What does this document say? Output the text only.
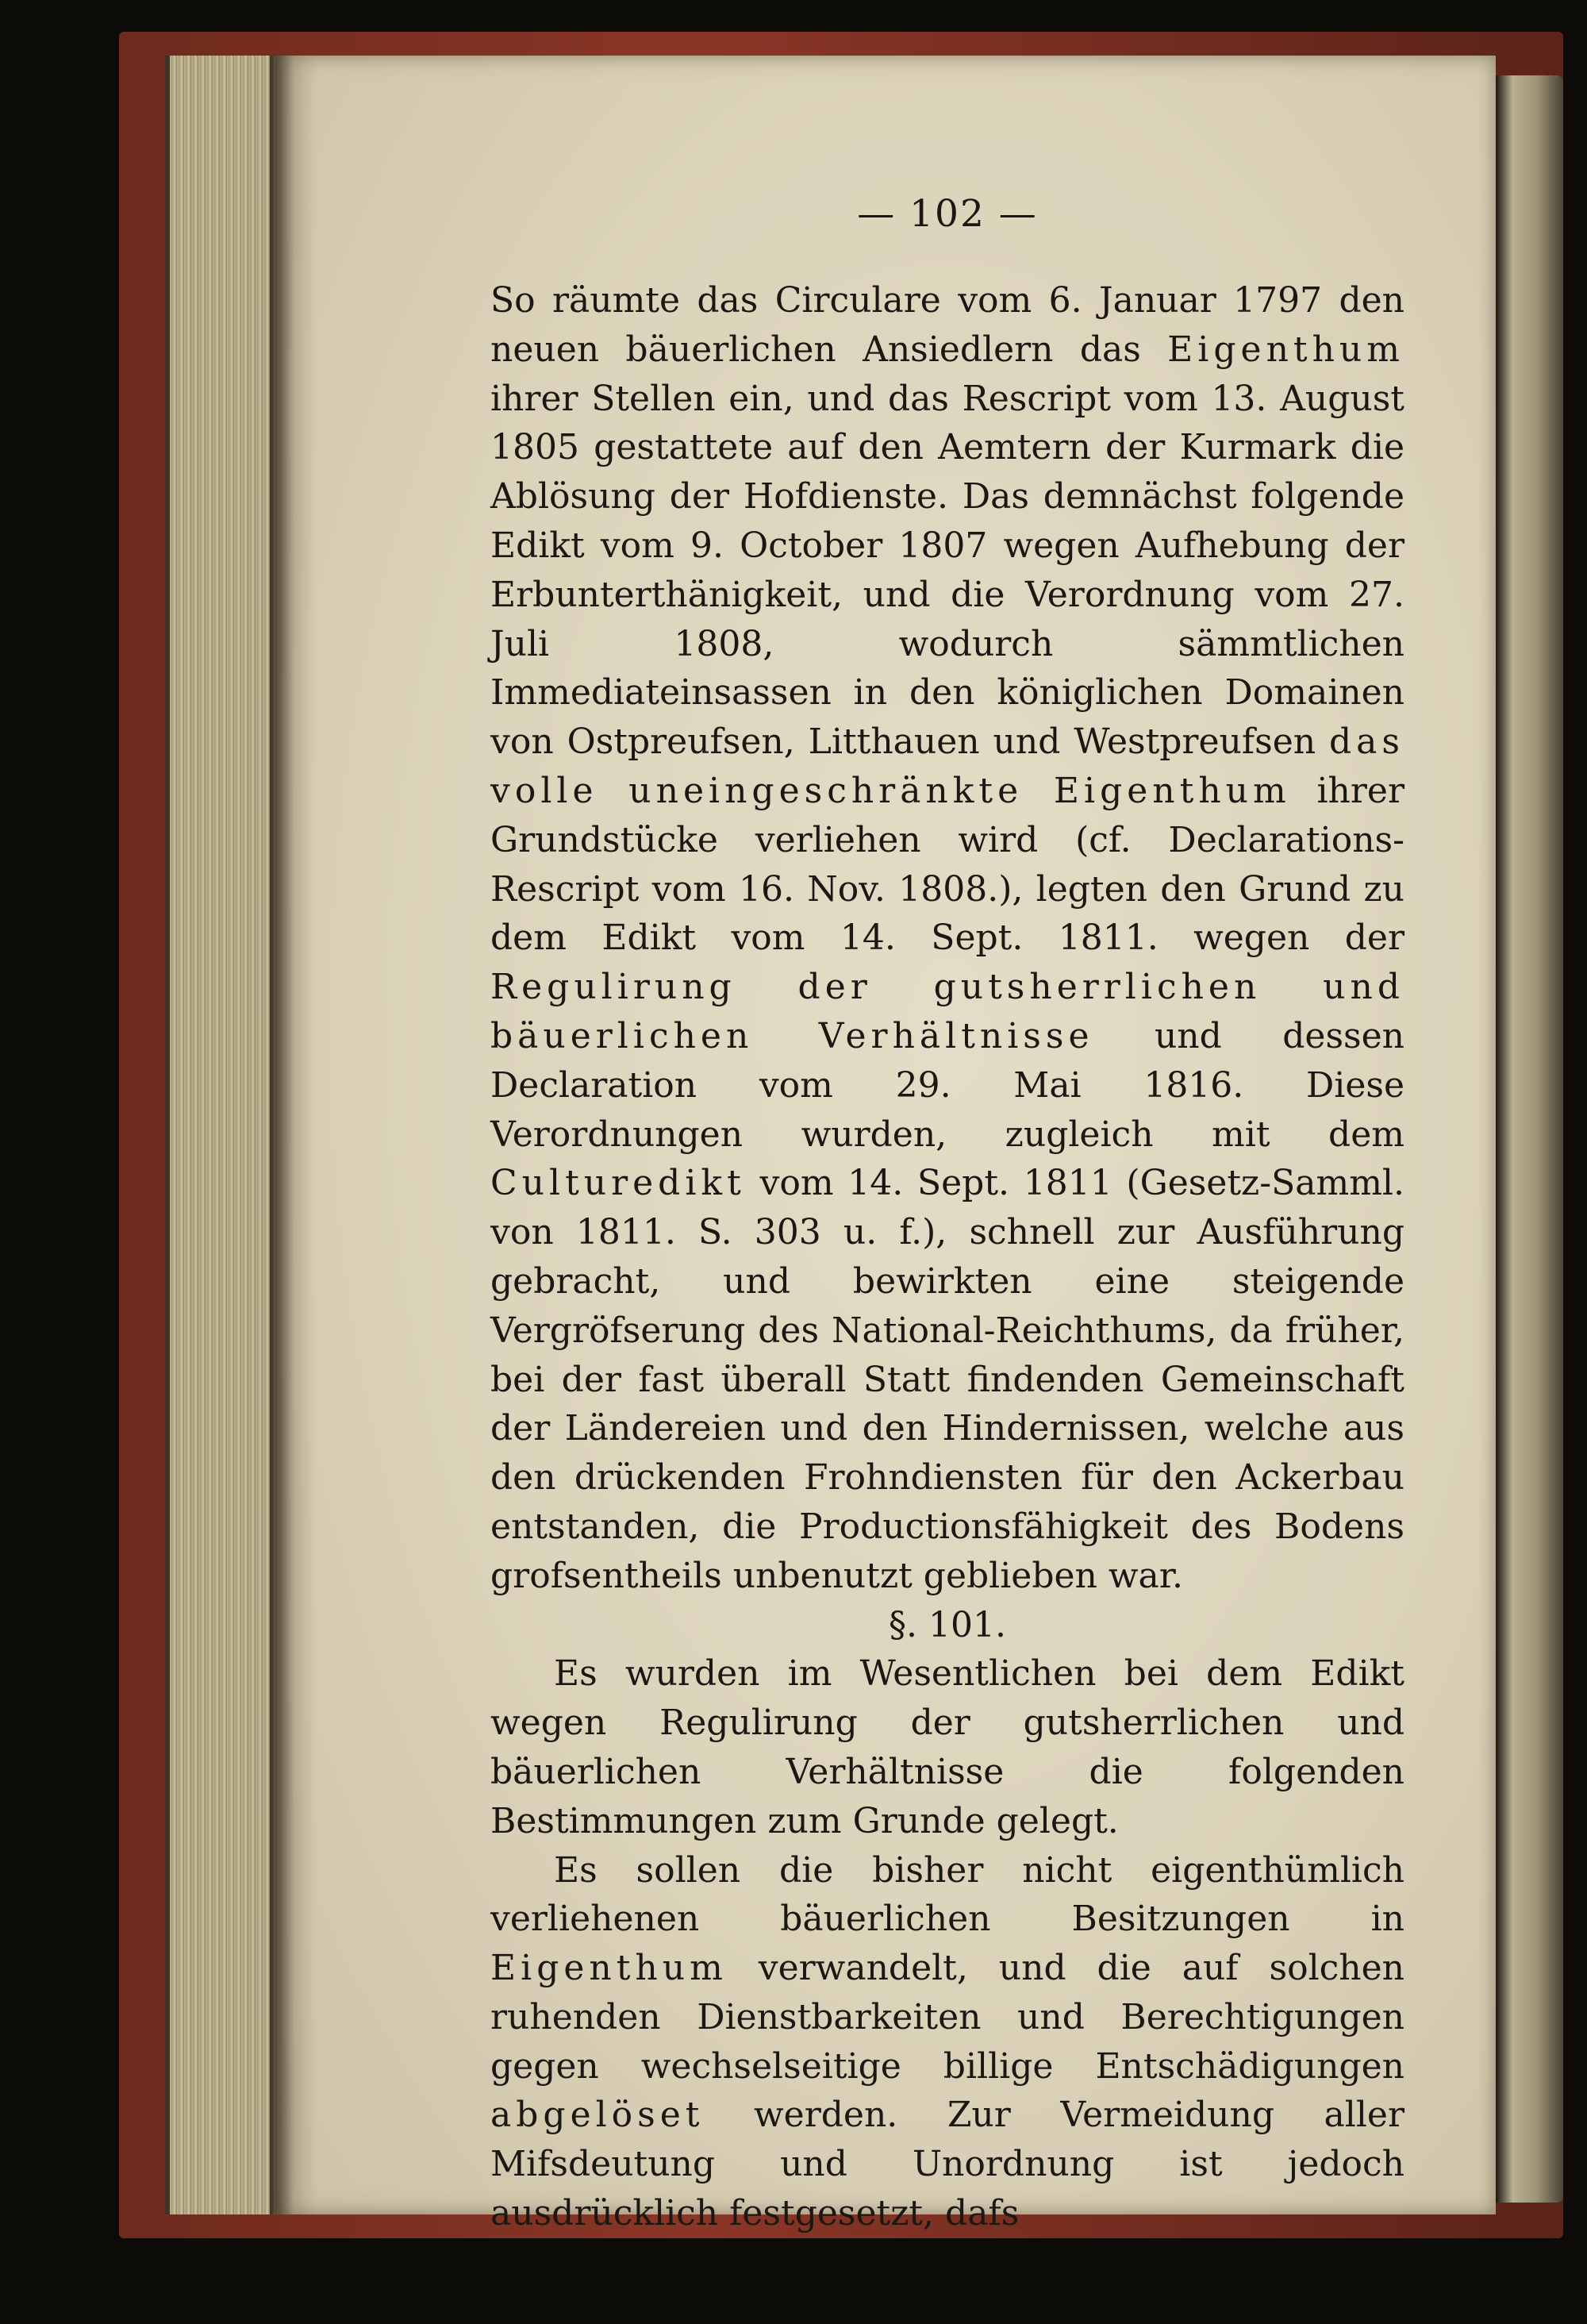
— 102 —

So räumte das Circulare vom 6. Januar 1797 den neuen bäuerlichen Ansiedlern das Eigenthum ihrer Stellen ein, und das Rescript vom 13. August 1805 gestattete auf den Aemtern der Kurmark die Ablösung der Hofdienste. Das demnächst folgende Edikt vom 9. October 1807 wegen Aufhebung der Erbunterthänigkeit, und die Verordnung vom 27. Juli 1808, wodurch sämmtlichen Immediateinsassen in den königlichen Domainen von Ostpreufsen, Litthauen und Westpreufsen das volle uneingeschränkte Eigenthum ihrer Grundstücke verliehen wird (cf. Declarations-Rescript vom 16. Nov. 1808.), legten den Grund zu dem Edikt vom 14. Sept. 1811. wegen der Regulirung der gutsherrlichen und bäuerlichen Verhältnisse und dessen Declaration vom 29. Mai 1816. Diese Verordnungen wurden, zugleich mit dem Culturedikt vom 14. Sept. 1811 (Gesetz-Samml. von 1811. S. 303 u. f.), schnell zur Ausführung gebracht, und bewirkten eine steigende Vergröfserung des National-Reichthums, da früher, bei der fast überall Statt findenden Gemeinschaft der Ländereien und den Hindernissen, welche aus den drückenden Frohndiensten für den Ackerbau entstanden, die Productionsfähigkeit des Bodens grofsentheils unbenutzt geblieben war.

§. 101.

Es wurden im Wesentlichen bei dem Edikt wegen Regulirung der gutsherrlichen und bäuerlichen Verhältnisse die folgenden Bestimmungen zum Grunde gelegt.

Es sollen die bisher nicht eigenthümlich verliehenen bäuerlichen Besitzungen in Eigenthum verwandelt, und die auf solchen ruhenden Dienstbarkeiten und Berechtigungen gegen wechselseitige billige Entschädigungen abgelöset werden. Zur Vermeidung aller Mifsdeutung und Unordnung ist jedoch ausdrücklich festgesetzt, dafs
